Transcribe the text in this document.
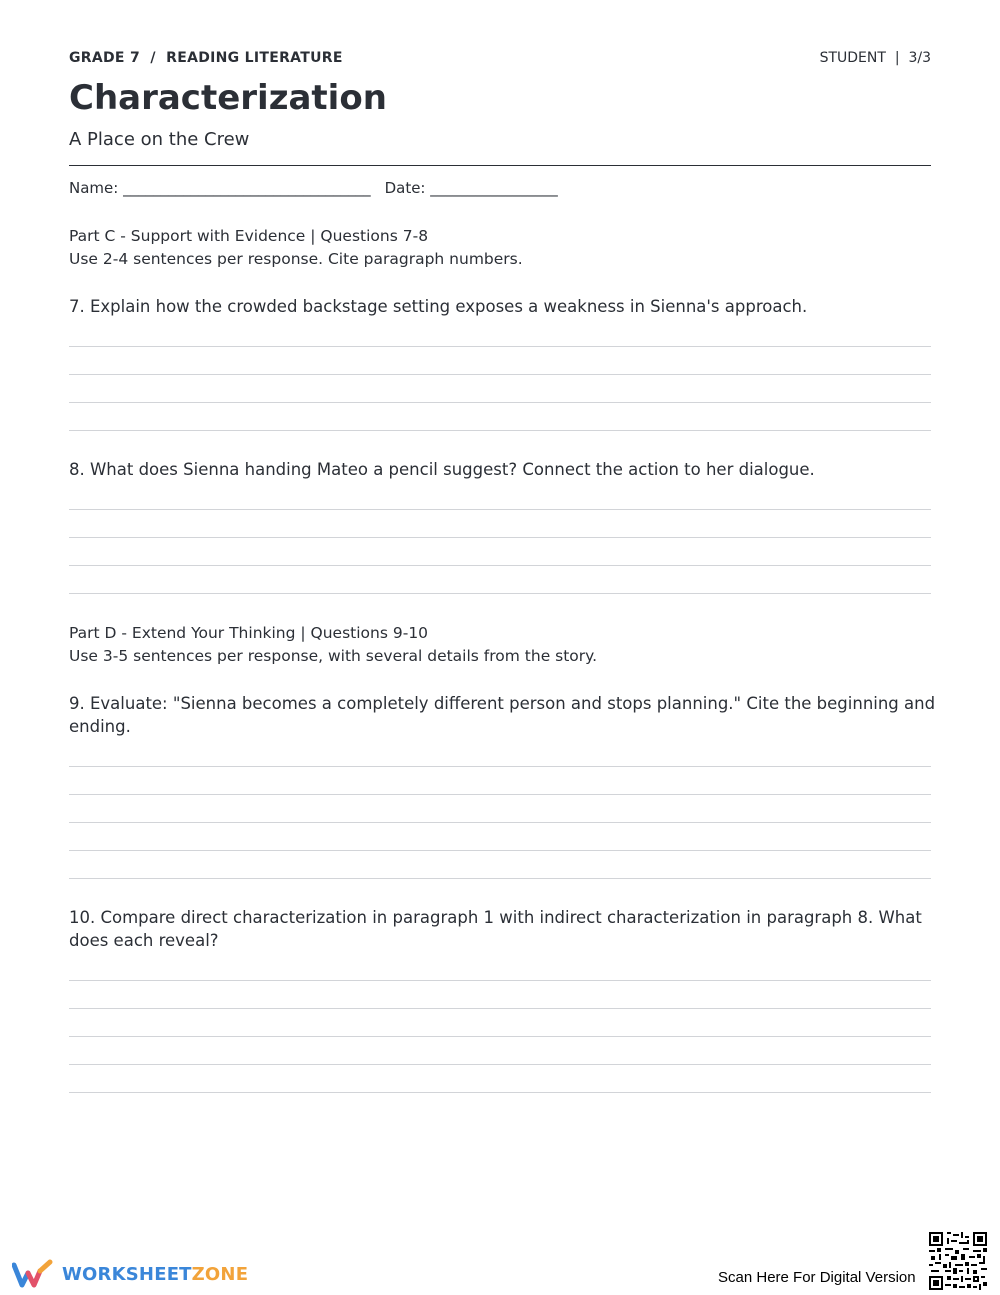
GRADE 7 / READING LITERATURE	STUDENT  |  3/3
Characterization
A Place on the Crew
Name: _________________________________ Date: _________________
Part C - Support with Evidence | Questions 7-8
Use 2-4 sentences per response. Cite paragraph numbers.
7. Explain how the crowded backstage setting exposes a weakness in Sienna's approach.
8. What does Sienna handing Mateo a pencil suggest? Connect the action to her dialogue.
Part D - Extend Your Thinking | Questions 9-10
Use 3-5 sentences per response, with several details from the story.
9. Evaluate: "Sienna becomes a completely different person and stops planning." Cite the beginning and ending.
10. Compare direct characterization in paragraph 1 with indirect characterization in paragraph 8. What does each reveal?
WORKSHEETZONE	Scan Here For Digital Version
